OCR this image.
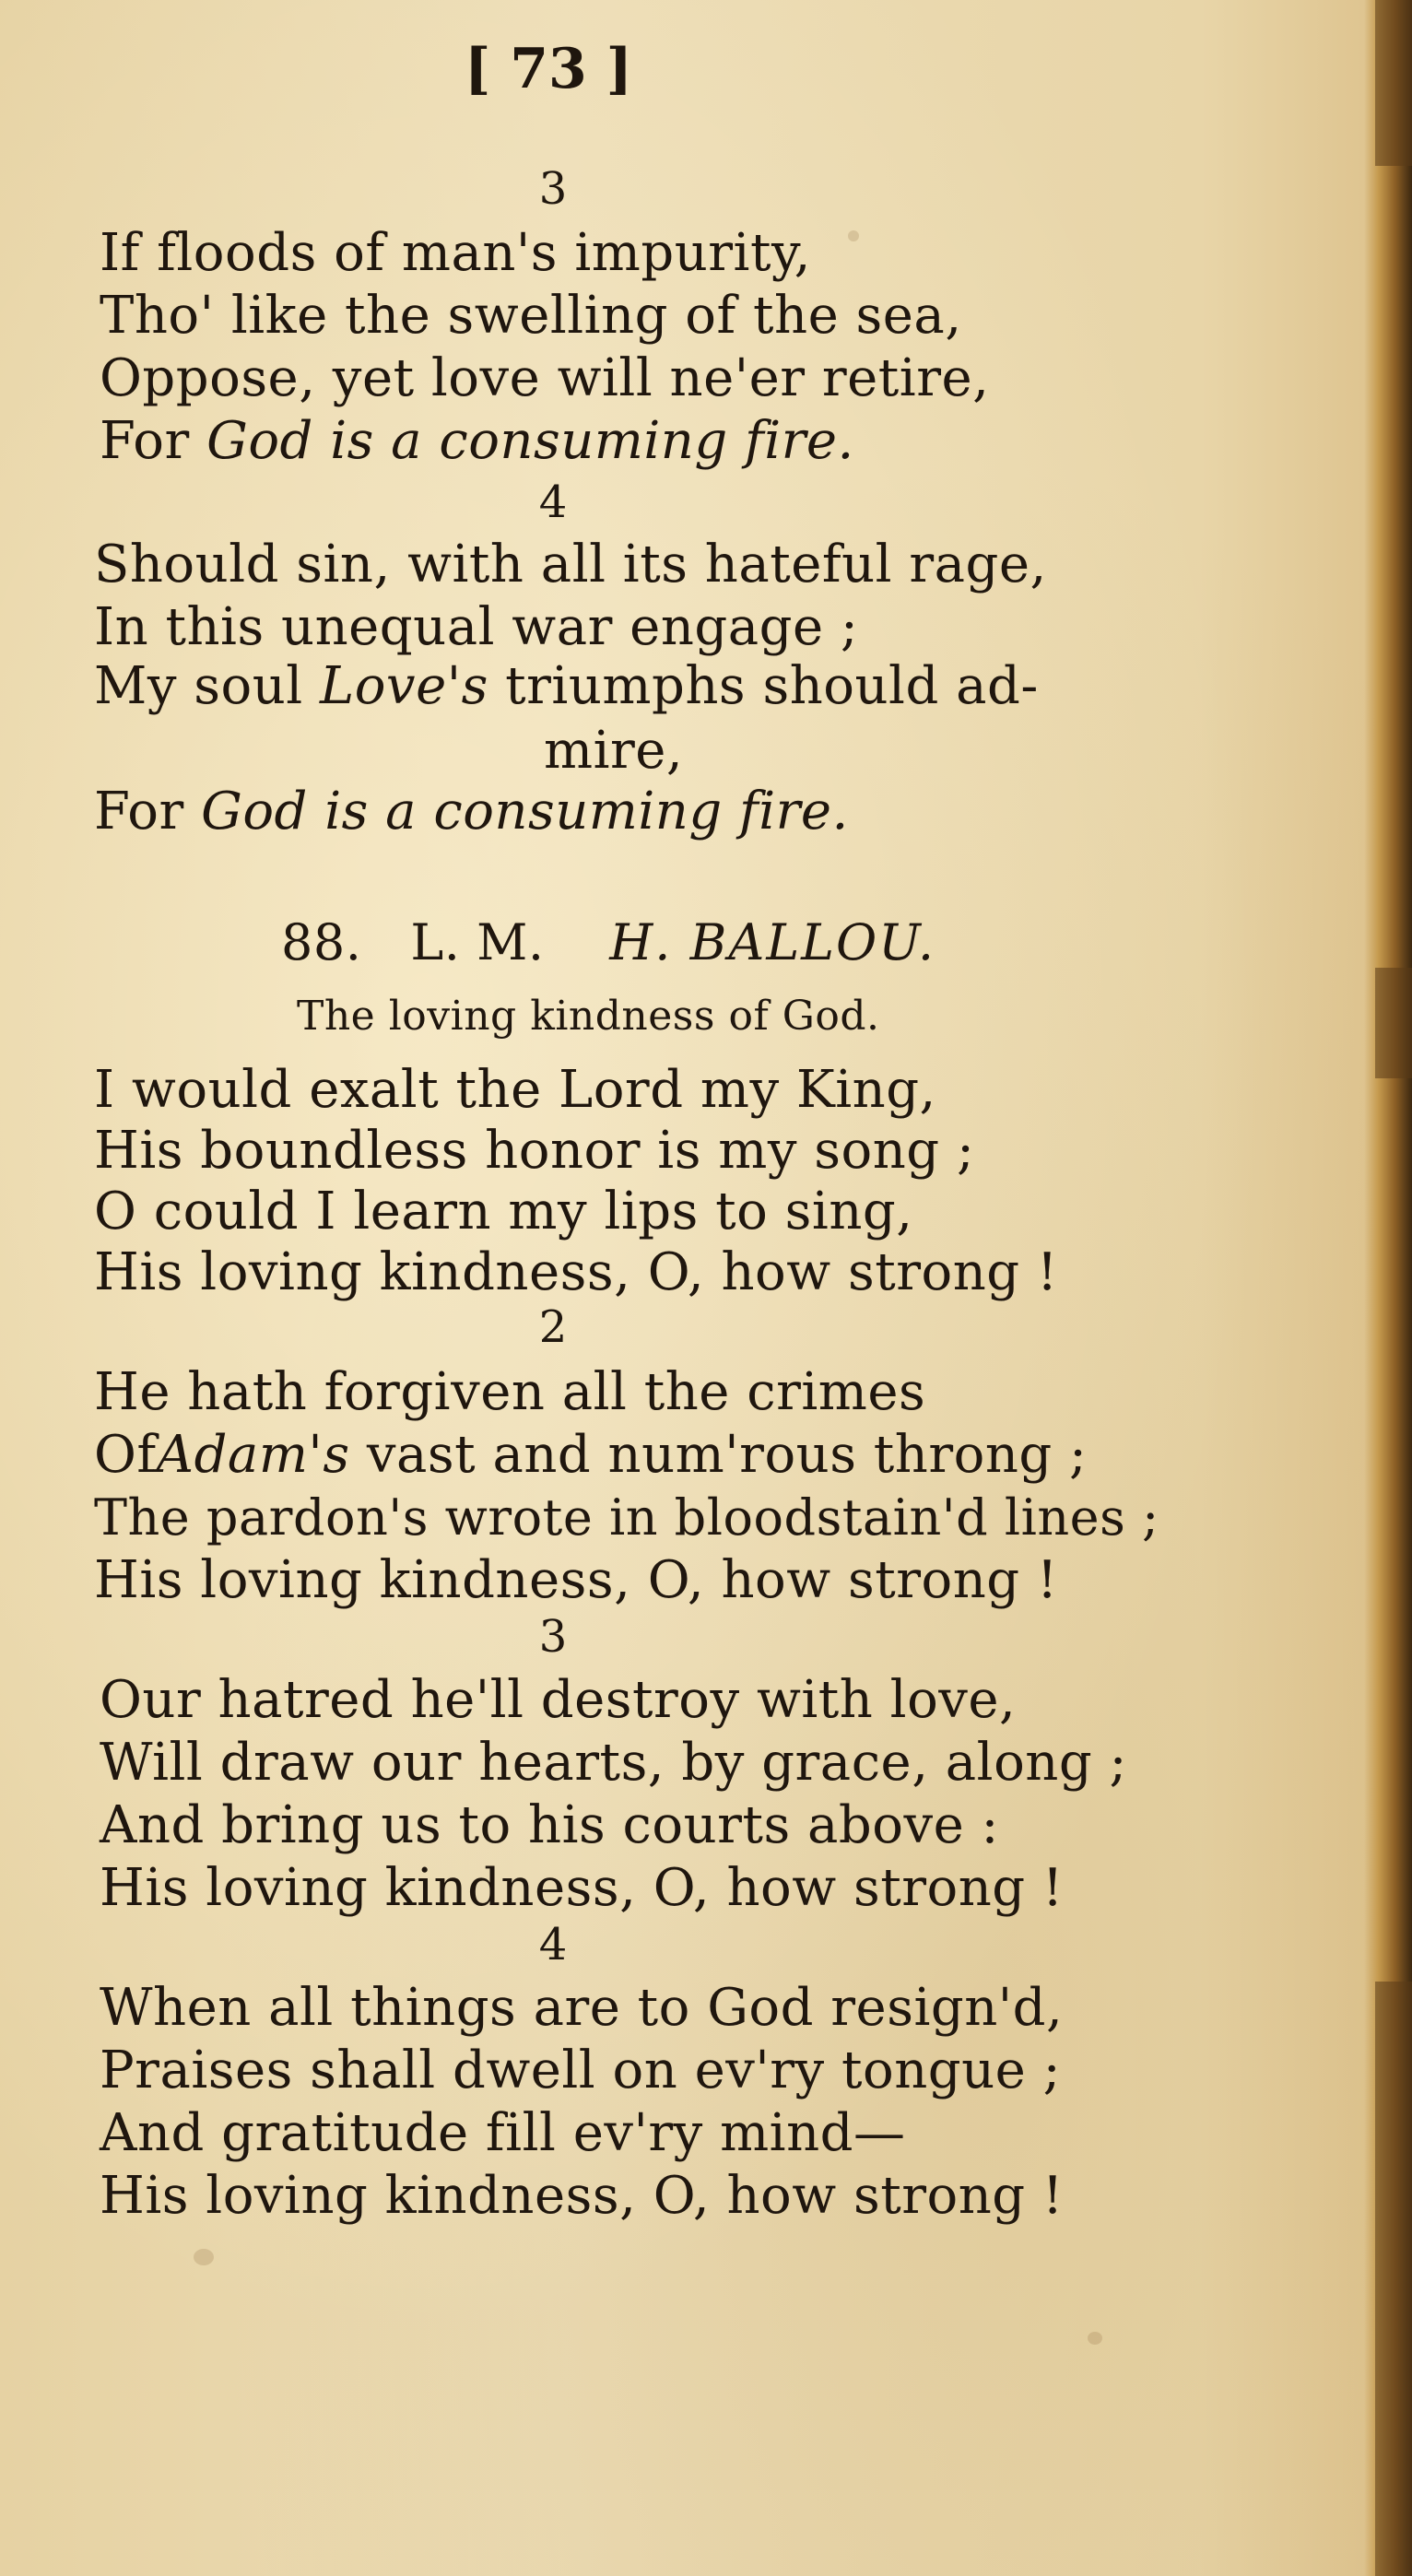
[ 73 ]
3
If floods of man's impurity,
Tho' like the swelling of the sea,
Oppose, yet love will ne'er retire,
For God is a consuming fire.
4
Should sin, with all its hateful rage,
In this unequal war engage ;
My soul Love's triumphs should ad-
mire,
For God is a consuming fire.
88. L. M. H. BALLOU.
The loving kindness of God.
I would exalt the Lord my King,
His boundless honor is my song ;
O could I learn my lips to sing,
His loving kindness, O, how strong !
2
He hath forgiven all the crimes
OfAdam's vast and num'rous throng ;
The pardon's wrote in bloodstain'd lines ;
His loving kindness, O, how strong !
3
Our hatred he'll destroy with love,
Will draw our hearts, by grace, along ;
And bring us to his courts above :
His loving kindness, O, how strong !
4
When all things are to God resign'd,
Praises shall dwell on ev'ry tongue ;
And gratitude fill ev'ry mind—
His loving kindness, O, how strong !
